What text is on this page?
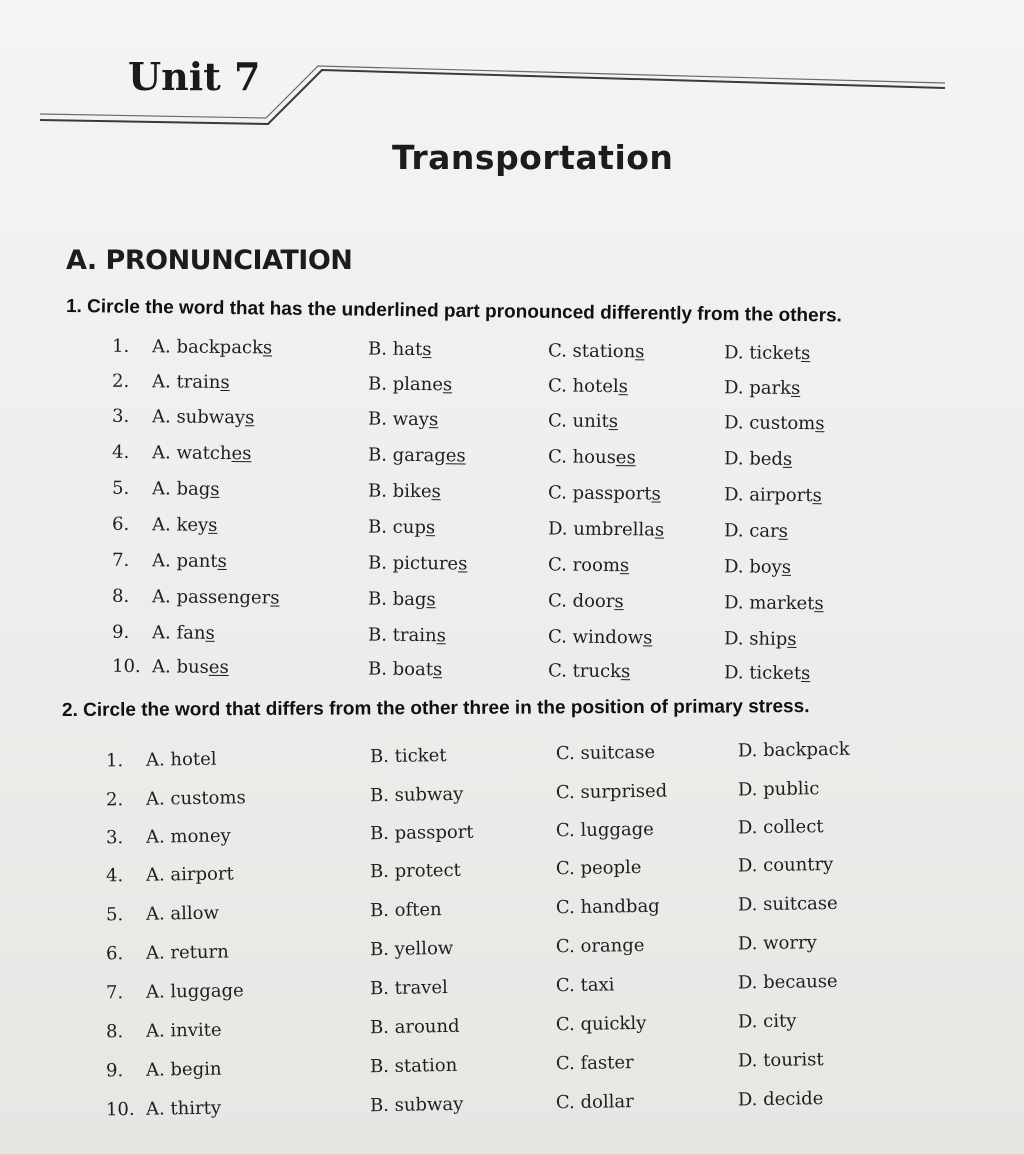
Unit 7
Transportation
A. PRONUNCIATION
1. Circle the word that has the underlined part pronounced differently from the others.
1. A. backpacks	B. hats	C. stations	D. tickets
2. A. trains	B. planes	C. hotels	D. parks
3. A. subways	B. ways	C. units	D. customs
4. A. watches	B. garages	C. houses	D. beds
5. A. bags	B. bikes	C. passports	D. airports
6. A. keys	B. cups	D. umbrellas	D. cars
7. A. pants	B. pictures	C. rooms	D. boys
8. A. passengers	B. bags	C. doors	D. markets
9. A. fans	B. trains	C. windows	D. ships
10. A. buses	B. boats	C. trucks	D. tickets
2. Circle the word that differs from the other three in the position of primary stress.
1. A. hotel	B. ticket	C. suitcase	D. backpack
2. A. customs	B. subway	C. surprised	D. public
3. A. money	B. passport	C. luggage	D. collect
4. A. airport	B. protect	C. people	D. country
5. A. allow	B. often	C. handbag	D. suitcase
6. A. return	B. yellow	C. orange	D. worry
7. A. luggage	B. travel	C. taxi	D. because
8. A. invite	B. around	C. quickly	D. city
9. A. begin	B. station	C. faster	D. tourist
10. A. thirty	B. subway	C. dollar	D. decide
